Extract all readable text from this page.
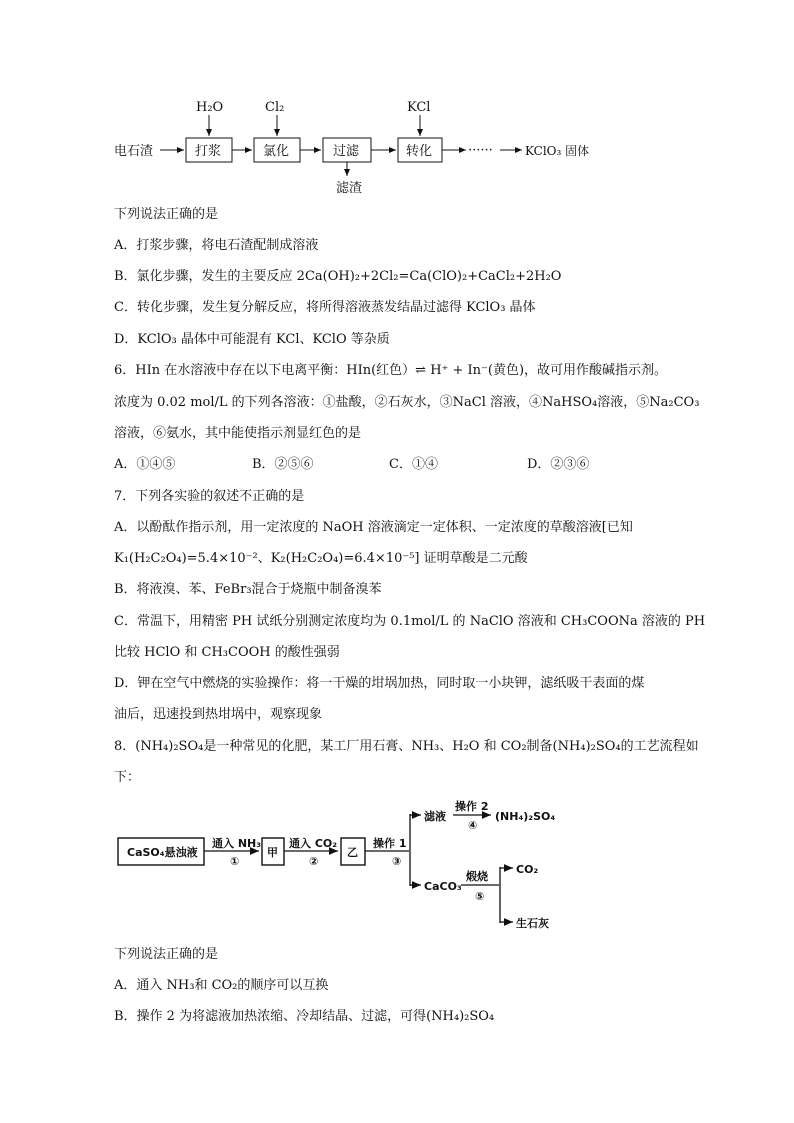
电石渣	打浆	氯化	过滤	转化	······	KClO₃ 固体
H₂O	Cl₂	KCl
滤渣
下列说法正确的是
A．打浆步骤，将电石渣配制成溶液
B．氯化步骤，发生的主要反应 2Ca(OH)₂+2Cl₂=Ca(ClO)₂+CaCl₂+2H₂O
C．转化步骤，发生复分解反应，将所得溶液蒸发结晶过滤得 KClO₃ 晶体
D．KClO₃ 晶体中可能混有 KCl、KClO 等杂质
6．HIn 在水溶液中存在以下电离平衡：HIn(红色）⇌ H⁺ + In⁻(黄色)，故可用作酸碱指示剂。
浓度为 0.02 mol/L 的下列各溶液：①盐酸，②石灰水，③NaCl 溶液，④NaHSO₄溶液，⑤Na₂CO₃
溶液，⑥氨水，其中能使指示剂显红色的是
A．①④⑤	B．②⑤⑥	C．①④	D．②③⑥
7．下列各实验的叙述不正确的是
A．以酚酞作指示剂，用一定浓度的 NaOH 溶液滴定一定体积、一定浓度的草酸溶液[已知
K₁(H₂C₂O₄)=5.4×10⁻²、K₂(H₂C₂O₄)=6.4×10⁻⁵] 证明草酸是二元酸
B．将液溴、苯、FeBr₃混合于烧瓶中制备溴苯
C．常温下，用精密 PH 试纸分别测定浓度均为 0.1mol/L 的 NaClO 溶液和 CH₃COONa 溶液的 PH
比较 HClO 和 CH₃COOH 的酸性强弱
D．钾在空气中燃烧的实验操作：将一干燥的坩埚加热，同时取一小块钾，滤纸吸干表面的煤
油后，迅速投到热坩埚中，观察现象
8．(NH₄)₂SO₄是一种常见的化肥，某工厂用石膏、NH₃、H₂O 和 CO₂制备(NH₄)₂SO₄的工艺流程如
下：
CaSO₄悬浊液
通入 NH₃
①
甲
通入 CO₂
②
乙
操作 1
③
滤液
操作 2
④
(NH₄)₂SO₄
CaCO₃
煅烧
⑤
CO₂
生石灰
下列说法正确的是
A．通入 NH₃和 CO₂的顺序可以互换
B．操作 2 为将滤液加热浓缩、冷却结晶、过滤，可得(NH₄)₂SO₄
